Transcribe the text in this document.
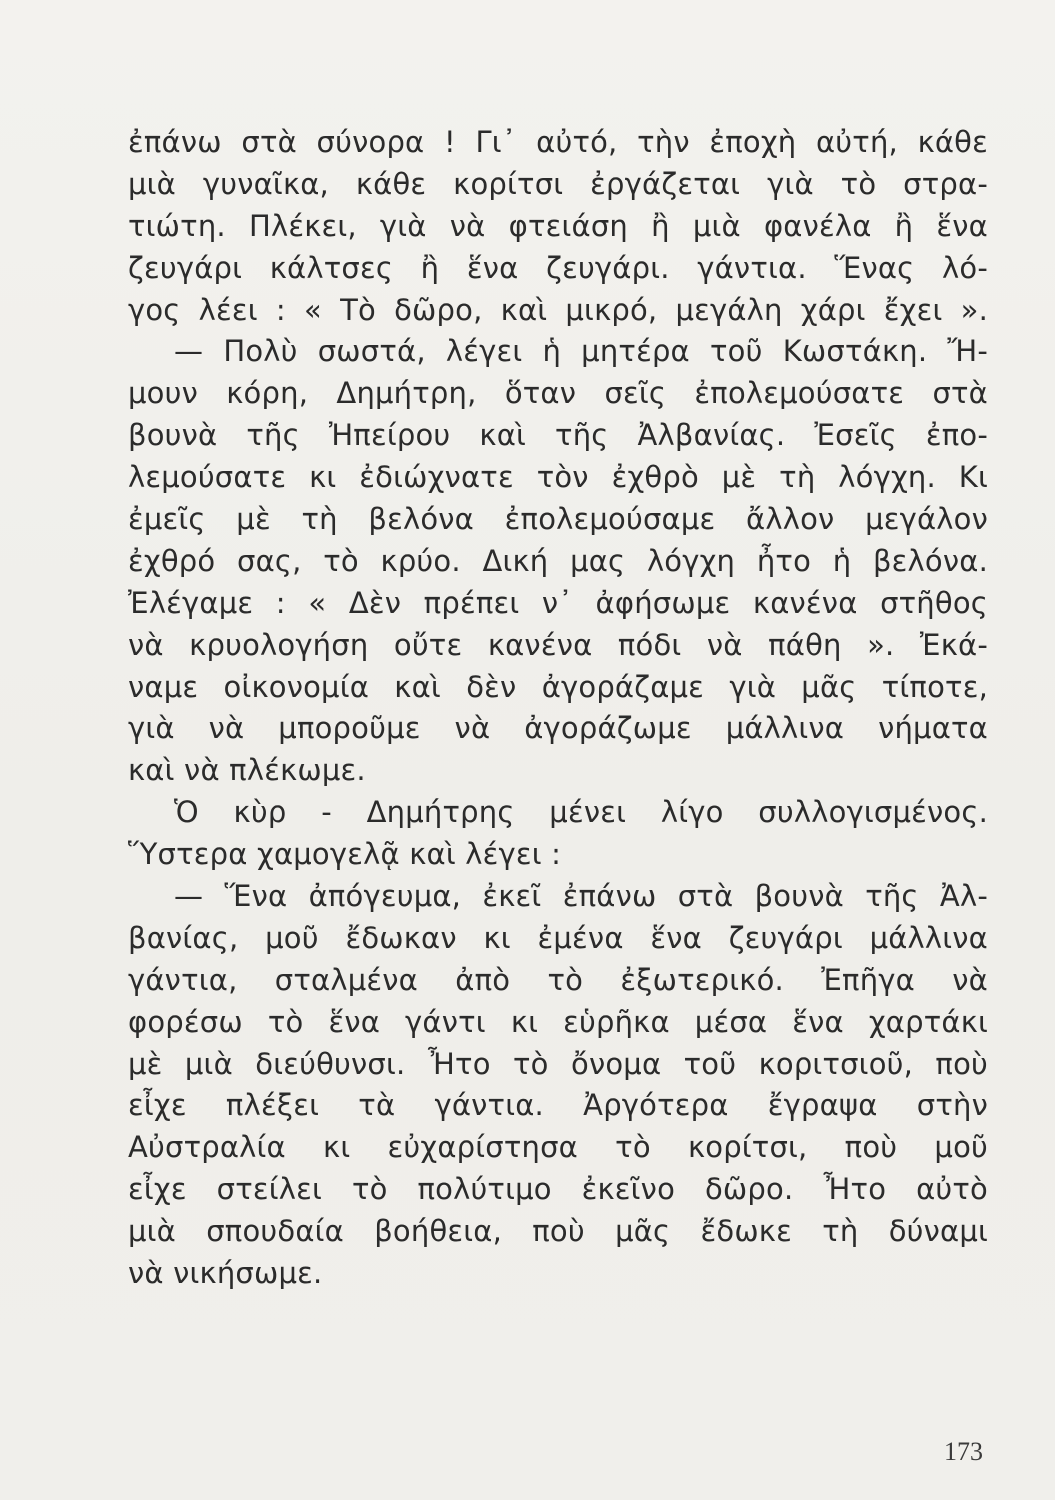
ἐπάνω στὰ σύνορα ! Γι᾽ αὐτό, τὴν ἐποχὴ αὐτή, κάθε
μιὰ γυναῖκα, κάθε κορίτσι ἐργάζεται γιὰ τὸ στρα-
τιώτη. Πλέκει, γιὰ νὰ φτειάση ἢ μιὰ φανέλα ἢ ἕνα
ζευγάρι κάλτσες ἢ ἕνα ζευγάρι. γάντια. Ἕνας λό-
γος λέει : « Τὸ δῶρο, καὶ μικρό, μεγάλη χάρι ἔχει ».
— Πολὺ σωστά, λέγει ἡ μητέρα τοῦ Κωστάκη. Ἤ-
μουν κόρη, Δημήτρη, ὅταν σεῖς ἐπολεμούσατε στὰ
βουνὰ τῆς Ἠπείρου καὶ τῆς Ἀλβανίας. Ἐσεῖς ἐπο-
λεμούσατε κι ἐδιώχνατε τὸν ἐχθρὸ μὲ τὴ λόγχη. Κι
ἐμεῖς μὲ τὴ βελόνα ἐπολεμούσαμε ἄλλον μεγάλον
ἐχθρό σας, τὸ κρύο. Δική μας λόγχη ἦτο ἡ βελόνα.
Ἐλέγαμε : « Δὲν πρέπει ν᾽ ἀφήσωμε κανένα στῆθος
νὰ κρυολογήση οὔτε κανένα πόδι νὰ πάθη ». Ἐκά-
ναμε οἰκονομία καὶ δὲν ἀγοράζαμε γιὰ μᾶς τίποτε,
γιὰ νὰ μποροῦμε νὰ ἀγοράζωμε μάλλινα νήματα
καὶ νὰ πλέκωμε.
Ὁ κὺρ - Δημήτρης μένει λίγο συλλογισμένος.
Ὕστερα χαμογελᾷ καὶ λέγει :
— Ἕνα ἀπόγευμα, ἐκεῖ ἐπάνω στὰ βουνὰ τῆς Ἀλ-
βανίας, μοῦ ἔδωκαν κι ἐμένα ἕνα ζευγάρι μάλλινα
γάντια, σταλμένα ἀπὸ τὸ ἐξωτερικό. Ἐπῆγα νὰ
φορέσω τὸ ἕνα γάντι κι εὑρῆκα μέσα ἕνα χαρτάκι
μὲ μιὰ διεύθυνσι. Ἦτο τὸ ὄνομα τοῦ κοριτσιοῦ, ποὺ
εἶχε πλέξει τὰ γάντια. Ἀργότερα ἔγραψα στὴν
Αὐστραλία κι εὐχαρίστησα τὸ κορίτσι, ποὺ μοῦ
εἶχε στείλει τὸ πολύτιμο ἐκεῖνο δῶρο. Ἦτο αὐτὸ
μιὰ σπουδαία βοήθεια, ποὺ μᾶς ἔδωκε τὴ δύναμι
νὰ νικήσωμε.
173
